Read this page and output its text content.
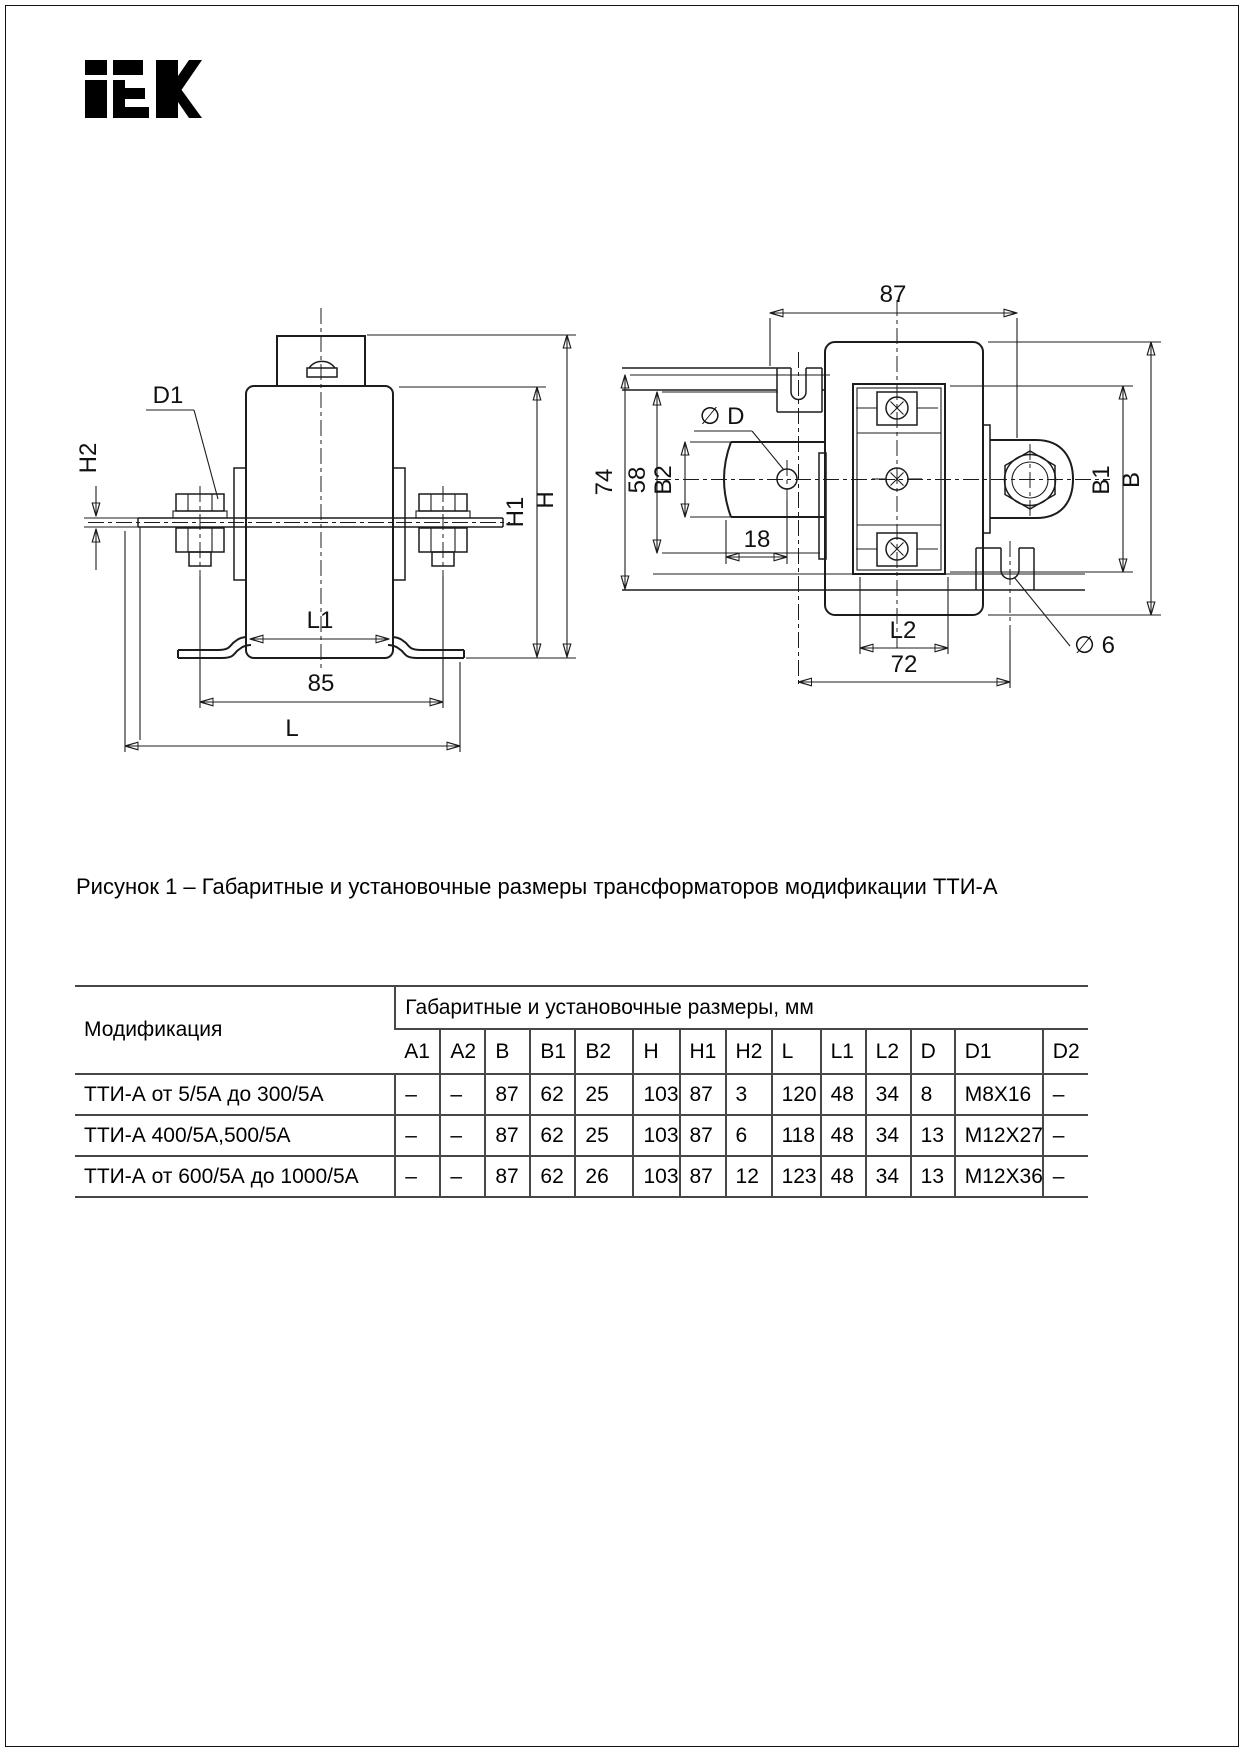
D1
H2
L1
85
L
H1 H
87
74 58
∅ D
B2
18
L2
72
∅ 6
B1 B

Рисунок 1 – Габаритные и установочные размеры трансформаторов модификации ТТИ-А

Модификация	Габаритные и установочные размеры, мм													
	A1	A2	B	B1	B2	H	H1	H2	L	L1	L2	D	D1	D2
ТТИ-А от 5/5А до 300/5А	–	–	87	62	25	103	87	3	120	48	34	8	M8X16	–
ТТИ-А 400/5А,500/5А	–	–	87	62	25	103	87	6	118	48	34	13	M12X27	–
ТТИ-А от 600/5А до 1000/5А	–	–	87	62	26	103	87	12	123	48	34	13	M12X36	–
